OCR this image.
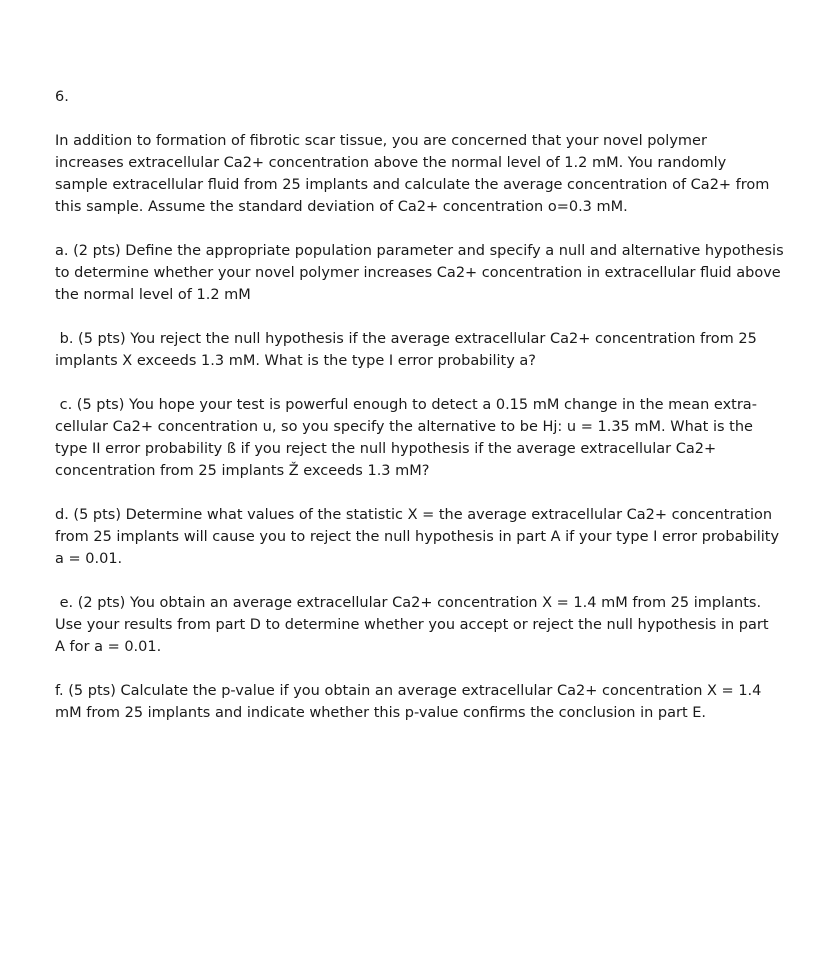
6.
In addition to formation of fibrotic scar tissue, you are concerned that your novel polymer
increases extracellular Ca2+ concentration above the normal level of 1.2 mM. You randomly
sample extracellular fluid from 25 implants and calculate the average concentration of Ca2+ from
this sample. Assume the standard deviation of Ca2+ concentration o=0.3 mM.
a. (2 pts) Define the appropriate population parameter and specify a null and alternative hypothesis
to determine whether your novel polymer increases Ca2+ concentration in extracellular fluid above
the normal level of 1.2 mM
b. (5 pts) You reject the null hypothesis if the average extracellular Ca2+ concentration from 25
implants X exceeds 1.3 mM. What is the type I error probability a?
c. (5 pts) You hope your test is powerful enough to detect a 0.15 mM change in the mean extra-
cellular Ca2+ concentration u, so you specify the alternative to be Hj: u = 1.35 mM. What is the
type II error probability ß if you reject the null hypothesis if the average extracellular Ca2+
concentration from 25 implants Ž exceeds 1.3 mM?
d. (5 pts) Determine what values of the statistic X = the average extracellular Ca2+ concentration
from 25 implants will cause you to reject the null hypothesis in part A if your type I error probability
a = 0.01.
e. (2 pts) You obtain an average extracellular Ca2+ concentration X = 1.4 mM from 25 implants.
Use your results from part D to determine whether you accept or reject the null hypothesis in part
A for a = 0.01.
f. (5 pts) Calculate the p-value if you obtain an average extracellular Ca2+ concentration X = 1.4
mM from 25 implants and indicate whether this p-value confirms the conclusion in part E.
